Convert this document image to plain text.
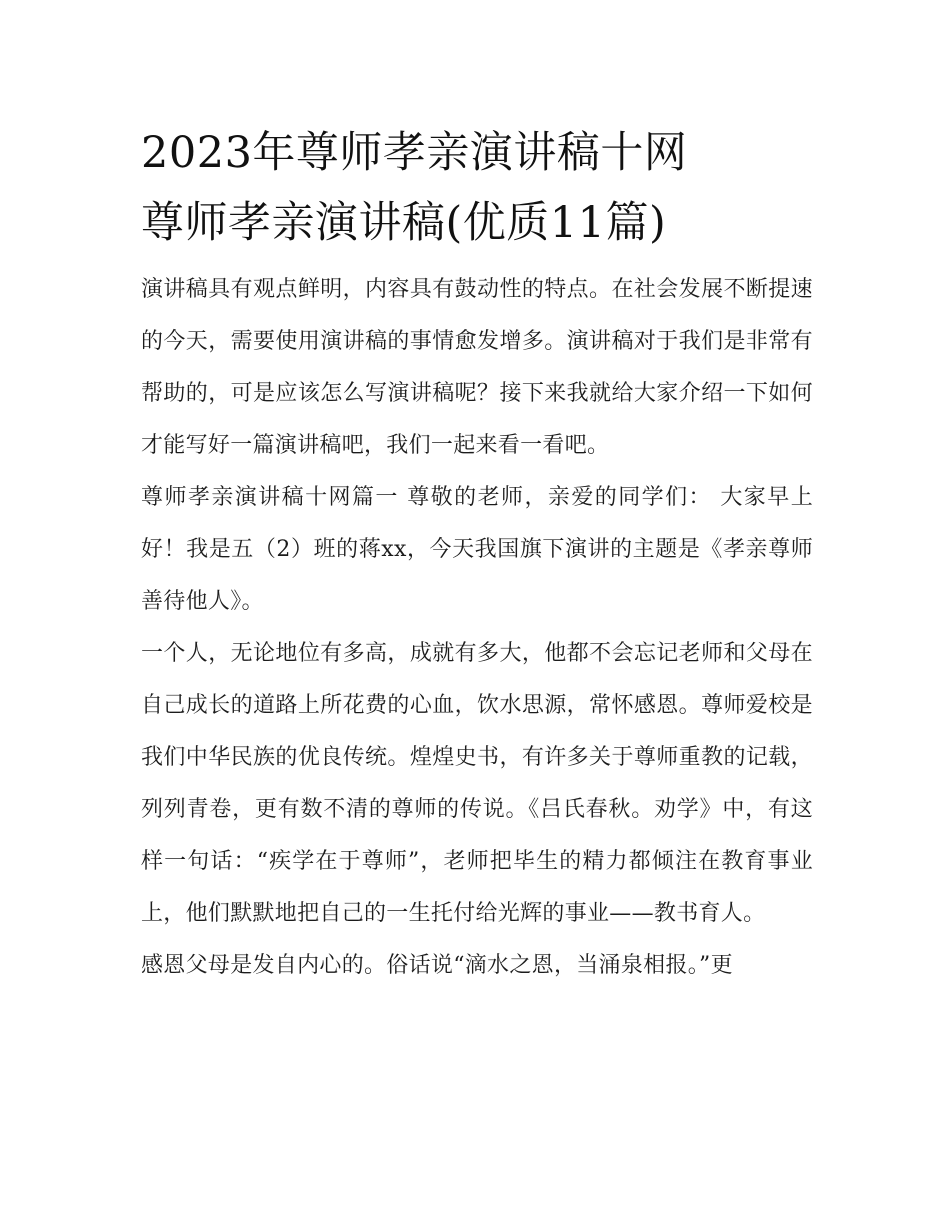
2023年尊师孝亲演讲稿十网
尊师孝亲演讲稿(优质11篇)

演讲稿具有观点鲜明，内容具有鼓动性的特点。在社会发展不断提速的今天，需要使用演讲稿的事情愈发增多。演讲稿对于我们是非常有帮助的，可是应该怎么写演讲稿呢？接下来我就给大家介绍一下如何才能写好一篇演讲稿吧，我们一起来看一看吧。

尊师孝亲演讲稿十网篇一 尊敬的老师，亲爱的同学们： 大家早上好！我是五（2）班的蒋xx，今天我国旗下演讲的主题是《孝亲尊师善待他人》。

一个人，无论地位有多高，成就有多大，他都不会忘记老师和父母在自己成长的道路上所花费的心血，饮水思源，常怀感恩。尊师爱校是我们中华民族的优良传统。煌煌史书，有许多关于尊师重教的记载，列列青卷，更有数不清的尊师的传说。《吕氏春秋。劝学》中，有这样一句话：“疾学在于尊师”，老师把毕生的精力都倾注在教育事业上，他们默默地把自己的一生托付给光辉的事业——教书育人。

感恩父母是发自内心的。俗话说“滴水之恩，当涌泉相报。”更
